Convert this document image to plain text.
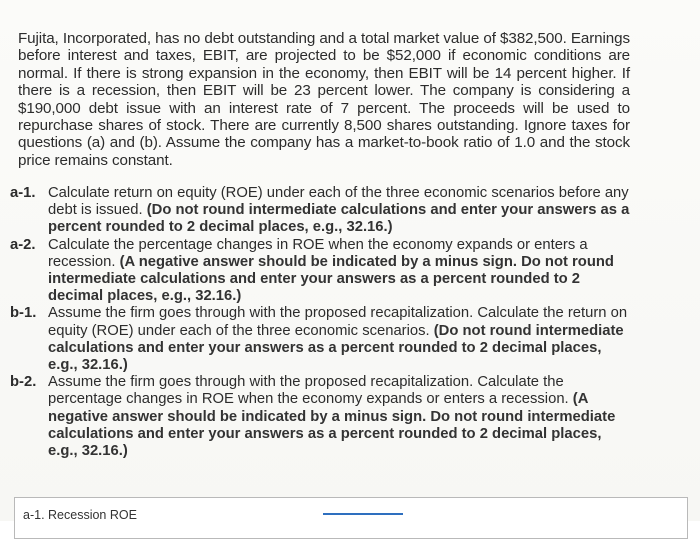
Fujita, Incorporated, has no debt outstanding and a total market value of $382,500. Earnings before interest and taxes, EBIT, are projected to be $52,000 if economic conditions are normal. If there is strong expansion in the economy, then EBIT will be 14 percent higher. If there is a recession, then EBIT will be 23 percent lower. The company is considering a $190,000 debt issue with an interest rate of 7 percent. The proceeds will be used to repurchase shares of stock. There are currently 8,500 shares outstanding. Ignore taxes for questions (a) and (b). Assume the company has a market-to-book ratio of 1.0 and the stock price remains constant.
a-1. Calculate return on equity (ROE) under each of the three economic scenarios before any debt is issued. (Do not round intermediate calculations and enter your answers as a percent rounded to 2 decimal places, e.g., 32.16.)
a-2. Calculate the percentage changes in ROE when the economy expands or enters a recession. (A negative answer should be indicated by a minus sign. Do not round intermediate calculations and enter your answers as a percent rounded to 2 decimal places, e.g., 32.16.)
b-1. Assume the firm goes through with the proposed recapitalization. Calculate the return on equity (ROE) under each of the three economic scenarios. (Do not round intermediate calculations and enter your answers as a percent rounded to 2 decimal places, e.g., 32.16.)
b-2. Assume the firm goes through with the proposed recapitalization. Calculate the percentage changes in ROE when the economy expands or enters a recession. (A negative answer should be indicated by a minus sign. Do not round intermediate calculations and enter your answers as a percent rounded to 2 decimal places, e.g., 32.16.)
a-1. Recession ROE
